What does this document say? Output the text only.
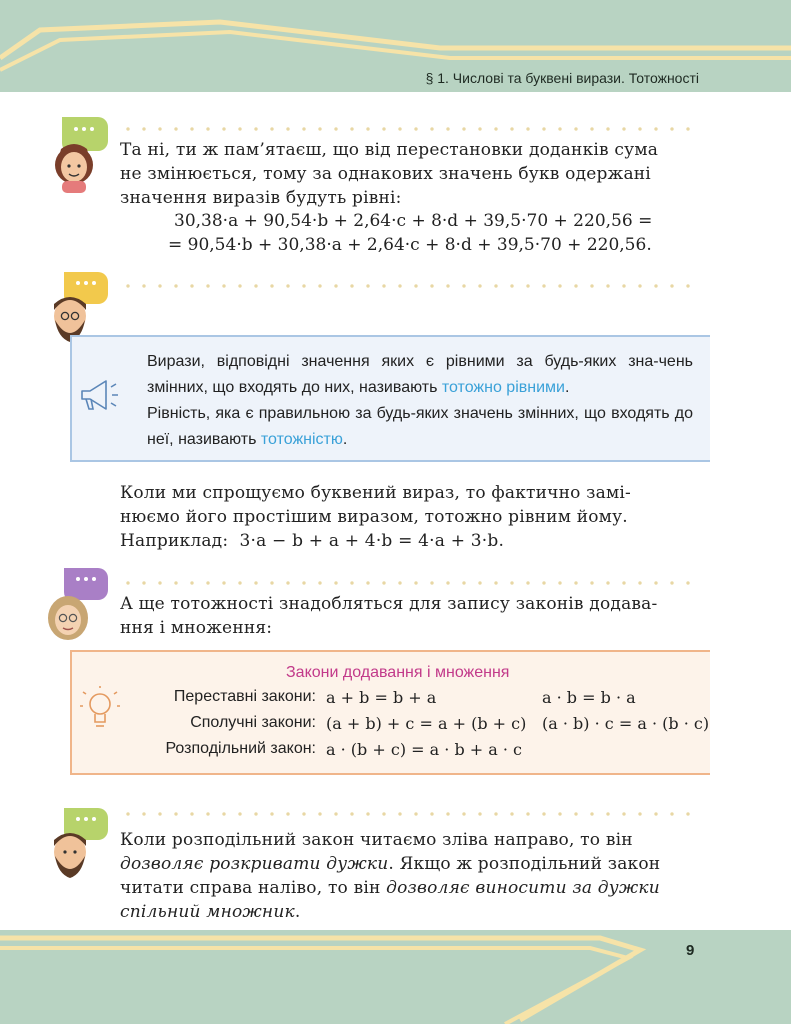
§ 1. Числові та буквені вирази. Тотожності

Та ні, ти ж пам’ятаєш, що від перестановки доданків сума

не змінюється, тому за однакових значень букв одержані

значення виразів будуть рівні:

30,38·a + 90,54·b + 2,64·c + 8·d + 39,5·70 + 220,56 =
= 90,54·b + 30,38·a + 2,64·c + 8·d + 39,5·70 + 220,56.

Вирази, відповідні значення яких є рівними за будь-яких зна-чень змінних, що входять до них, називають тотожно рівними.

Рівність, яка є правильною за будь-яких значень змінних, що входять до неї, називають тотожністю.

Коли ми спрощуємо буквений вираз, то фактично замі-

нюємо його простішим виразом, тотожно рівним йому.

Наприклад: 3·a − b + a + 4·b = 4·a + 3·b.

А ще тотожності знадобляться для запису законів додава-

ння і множення:

Закони додавання і множення
Переставні закони: a + b = b + a	a · b = b · a
Сполучні закони: (a + b) + c = a + (b + c) (a · b) · c = a · (b · c)
Розподільний закон: a · (b + c) = a · b + a · c

Коли розподільний закон читаємо зліва направо, то він

дозволяє розкривати дужки. Якщо ж розподільний закон

читати справа наліво, то він дозволяє виносити за дужки

спільний множник.

9
